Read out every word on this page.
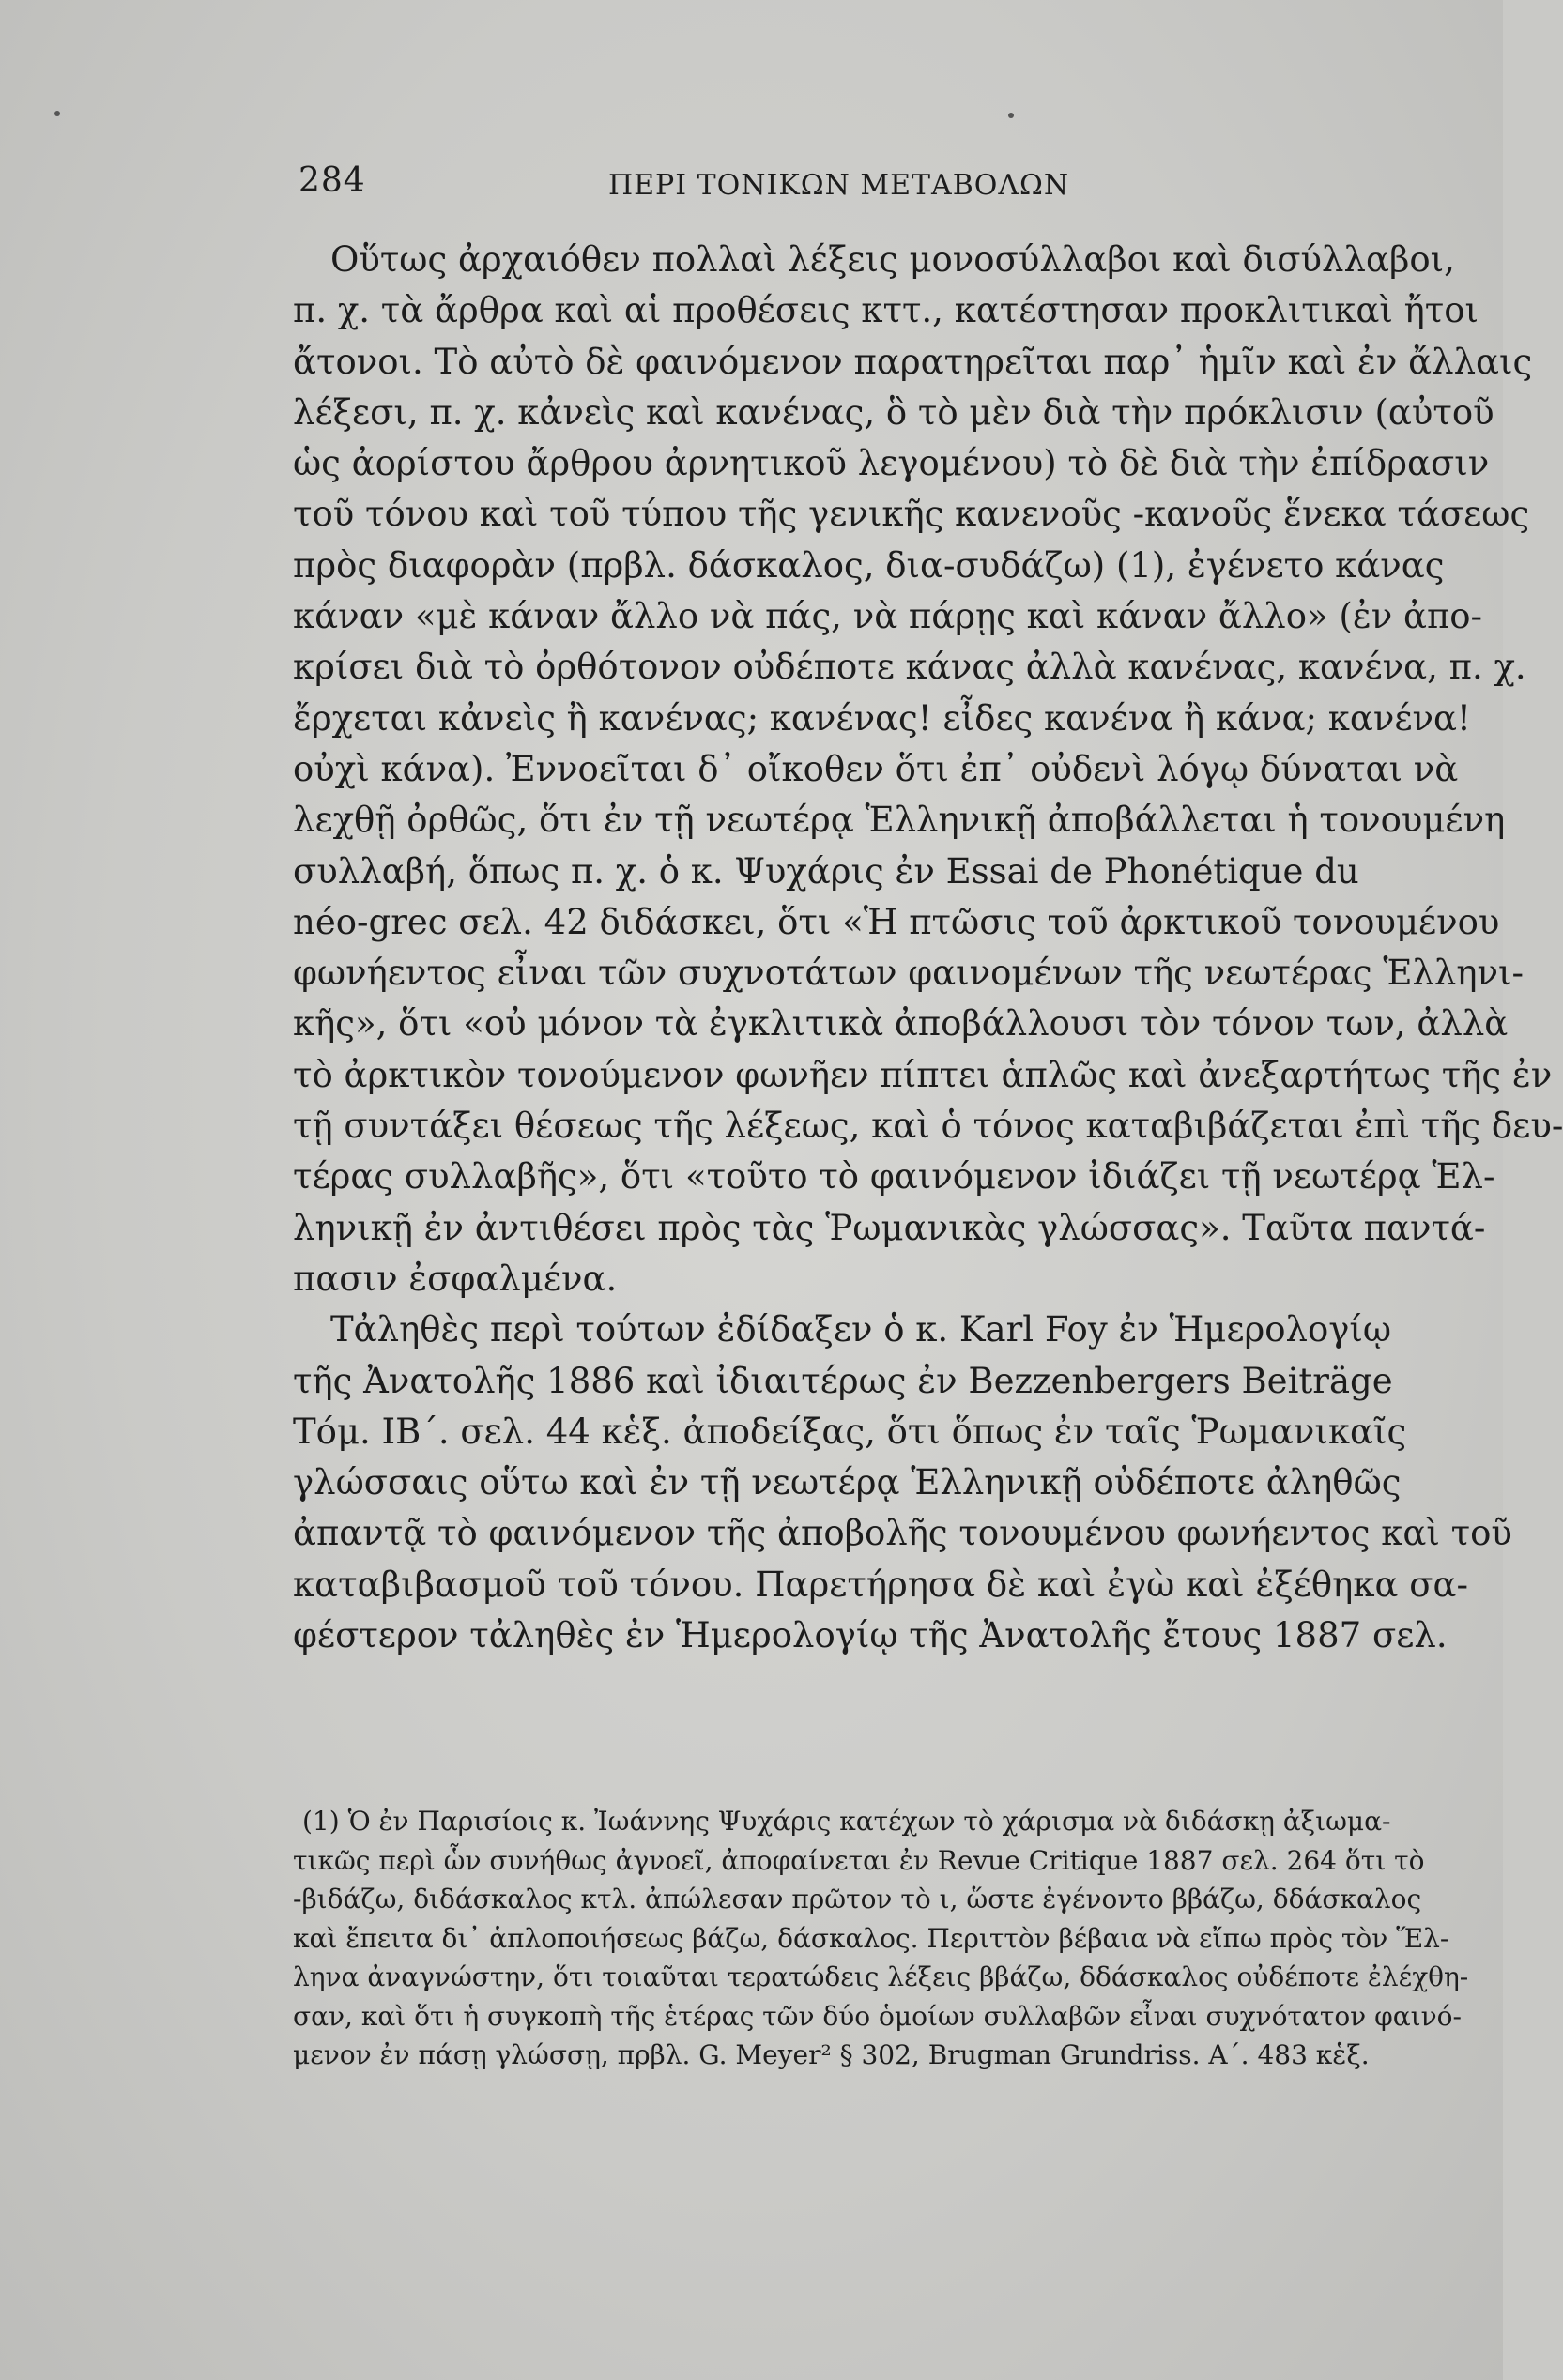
284	ΠΕΡΙ ΤΟΝΙΚΩΝ ΜΕΤΑΒΟΛΩΝ
Οὕτως ἀρχαιόθεν πολλαὶ λέξεις μονοσύλλαβοι καὶ δισύλλαβοι,
π. χ. τὰ ἄρθρα καὶ αἱ προθέσεις κττ., κατέστησαν προκλιτικαὶ ἤτοι
ἄτονοι. Τὸ αὐτὸ δὲ φαινόμενον παρατηρεῖται παρ᾽ ἡμῖν καὶ ἐν ἄλλαις
λέξεσι, π. χ. κἀνεὶς καὶ κανένας, ὃ τὸ μὲν διὰ τὴν πρόκλισιν (αὐτοῦ
ὡς ἀορίστου ἄρθρου ἀρνητικοῦ λεγομένου) τὸ δὲ διὰ τὴν ἐπίδρασιν
τοῦ τόνου καὶ τοῦ τύπου τῆς γενικῆς κανενοῦς -κανοῦς ἕνεκα τάσεως
πρὸς διαφορὰν (πρβλ. δάσκαλος, δια-συδάζω) (1), ἐγένετο κάνας
κάναν «μὲ κάναν ἄλλο νὰ πάς, νὰ πάρῃς καὶ κάναν ἄλλο» (ἐν ἀπο-
κρίσει διὰ τὸ ὀρθότονον οὐδέποτε κάνας ἀλλὰ κανένας, κανένα, π. χ.
ἔρχεται κἀνεὶς ἢ κανένας; κανένας! εἶδες κανένα ἢ κάνα; κανένα!
οὐχὶ κάνα). Ἐννοεῖται δ᾽ οἴκοθεν ὅτι ἐπ᾽ οὐδενὶ λόγῳ δύναται νὰ
λεχθῇ ὀρθῶς, ὅτι ἐν τῇ νεωτέρᾳ Ἑλληνικῇ ἀποβάλλεται ἡ τονουμένη
συλλαβή, ὅπως π. χ. ὁ κ. Ψυχάρις ἐν Essai de Phonétique du
néo-grec σελ. 42 διδάσκει, ὅτι «Ἡ πτῶσις τοῦ ἀρκτικοῦ τονουμένου
φωνήεντος εἶναι τῶν συχνοτάτων φαινομένων τῆς νεωτέρας Ἑλληνι-
κῆς», ὅτι «οὐ μόνον τὰ ἐγκλιτικὰ ἀποβάλλουσι τὸν τόνον των, ἀλλὰ
τὸ ἀρκτικὸν τονούμενον φωνῆεν πίπτει ἁπλῶς καὶ ἀνεξαρτήτως τῆς ἐν
τῇ συντάξει θέσεως τῆς λέξεως, καὶ ὁ τόνος καταβιβάζεται ἐπὶ τῆς δευ-
τέρας συλλαβῆς», ὅτι «τοῦτο τὸ φαινόμενον ἰδιάζει τῇ νεωτέρᾳ Ἑλ-
ληνικῇ ἐν ἀντιθέσει πρὸς τὰς Ῥωμανικὰς γλώσσας». Ταῦτα παντά-
πασιν ἐσφαλμένα.
Τἀληθὲς περὶ τούτων ἐδίδαξεν ὁ κ. Karl Foy ἐν Ἡμερολογίῳ
τῆς Ἀνατολῆς 1886 καὶ ἰδιαιτέρως ἐν Bezzenbergers Beiträge
Τόμ. ΙΒ΄. σελ. 44 κἑξ. ἀποδείξας, ὅτι ὅπως ἐν ταῖς Ῥωμανικαῖς
γλώσσαις οὕτω καὶ ἐν τῇ νεωτέρᾳ Ἑλληνικῇ οὐδέποτε ἀληθῶς
ἀπαντᾷ τὸ φαινόμενον τῆς ἀποβολῆς τονουμένου φωνήεντος καὶ τοῦ
καταβιβασμοῦ τοῦ τόνου. Παρετήρησα δὲ καὶ ἐγὼ καὶ ἐξέθηκα σα-
φέστερον τἀληθὲς ἐν Ἡμερολογίῳ τῆς Ἀνατολῆς ἔτους 1887 σελ.
(1) Ὁ ἐν Παρισίοις κ. Ἰωάννης Ψυχάρις κατέχων τὸ χάρισμα νὰ διδάσκῃ ἀξιωμα-
τικῶς περὶ ὧν συνήθως ἀγνοεῖ, ἀποφαίνεται ἐν Revue Critique 1887 σελ. 264 ὅτι τὸ
-βιδάζω, διδάσκαλος κτλ. ἀπώλεσαν πρῶτον τὸ ι, ὥστε ἐγένοντο ββάζω, δδάσκαλος
καὶ ἔπειτα δι᾽ ἁπλοποιήσεως βάζω, δάσκαλος. Περιττὸν βέβαια νὰ εἴπω πρὸς τὸν Ἕλ-
ληνα ἀναγνώστην, ὅτι τοιαῦται τερατώδεις λέξεις ββάζω, δδάσκαλος οὐδέποτε ἐλέχθη-
σαν, καὶ ὅτι ἡ συγκοπὴ τῆς ἑτέρας τῶν δύο ὁμοίων συλλαβῶν εἶναι συχνότατον φαινό-
μενον ἐν πάσῃ γλώσσῃ, πρβλ. G. Meyer² § 302, Brugman Grundriss. Α΄. 483 κἑξ.
